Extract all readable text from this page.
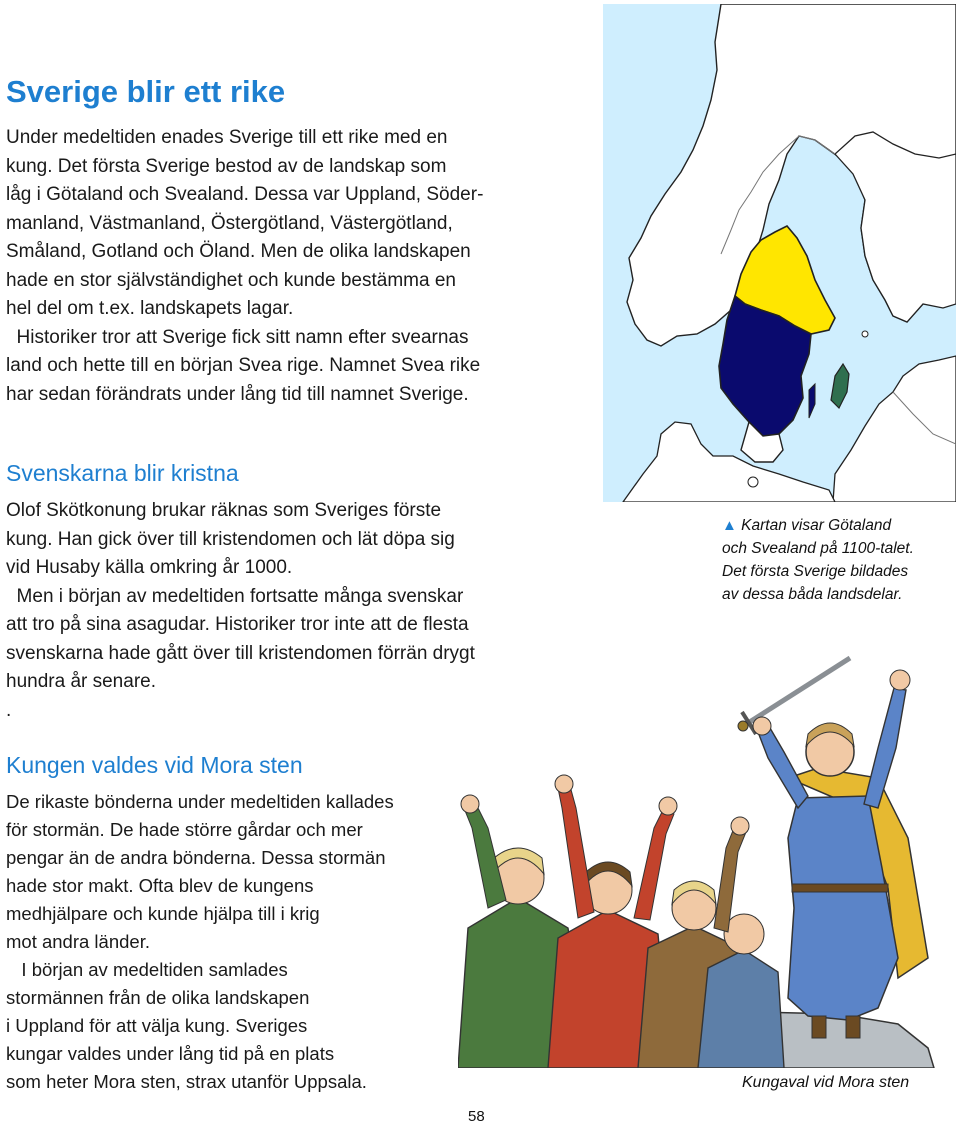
Sverige blir ett rike
Under medeltiden enades Sverige till ett rike med en
kung. Det första Sverige bestod av de landskap som
låg i Götaland och Svealand. Dessa var Uppland, Söder-
manland, Västmanland, Östergötland, Västergötland,
Småland, Gotland och Öland. Men de olika landskapen
hade en stor självständighet och kunde bestämma en
hel del om t.ex. landskapets lagar.
Historiker tror att Sverige fick sitt namn efter svearnas
land och hette till en början Svea rige. Namnet Svea rike
har sedan förändrats under lång tid till namnet Sverige.
Svenskarna blir kristna
Olof Skötkonung brukar räknas som Sveriges förste
kung. Han gick över till kristendomen och lät döpa sig
vid Husaby källa omkring år 1000.
Men i början av medeltiden fortsatte många svenskar
att tro på sina asagudar. Historiker tror inte att de flesta
svenskarna hade gått över till kristendomen förrän drygt
hundra år senare.
.
Kungen valdes vid Mora sten
De rikaste bönderna under medeltiden kallades
för stormän. De hade större gårdar och mer
pengar än de andra bönderna. Dessa stormän
hade stor makt. Ofta blev de kungens
medhjälpare och kunde hjälpa till i krig
mot andra länder.
I början av medeltiden samlades
stormännen från de olika landskapen
i Uppland för att välja kung. Sveriges
kungar valdes under lång tid på en plats
som heter Mora sten, strax utanför Uppsala.
▲ Kartan visar Götaland
och Svealand på 1100-talet.
Det första Sverige bildades
av dessa båda landsdelar.
Kungaval vid Mora sten
58
